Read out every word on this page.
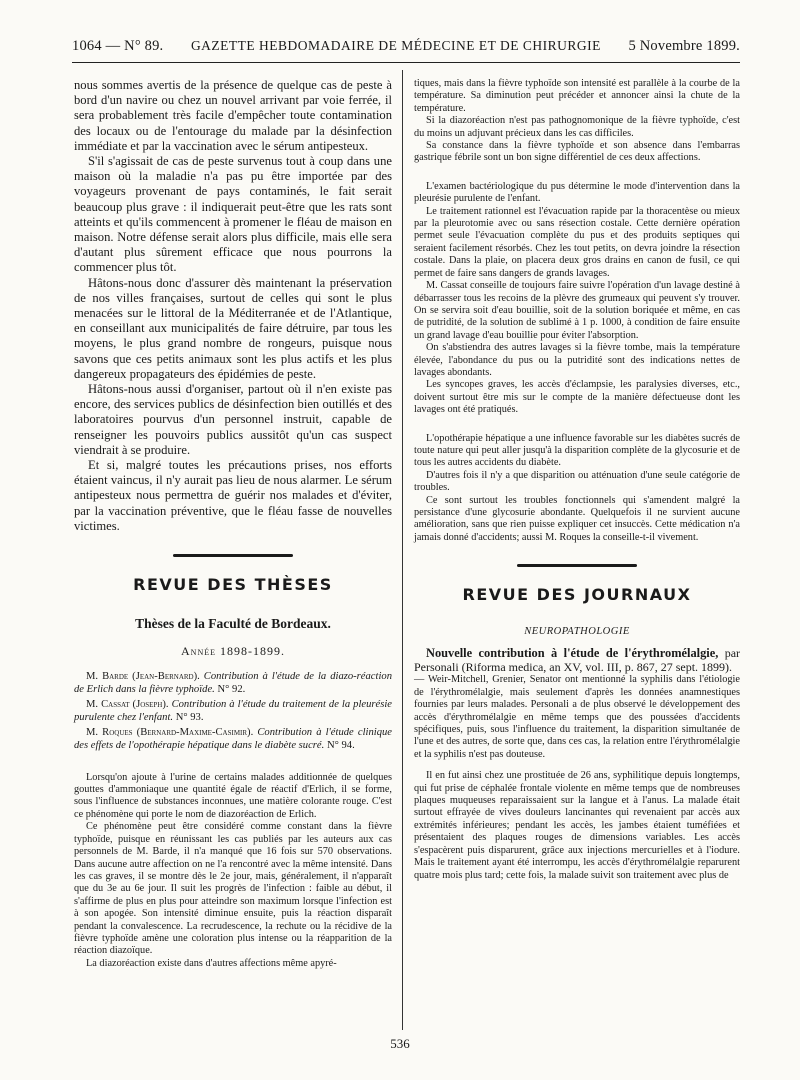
1064 — N° 89. GAZETTE HEBDOMADAIRE DE MÉDECINE ET DE CHIRURGIE 5 Novembre 1899.

nous sommes avertis de la présence de quelque cas de peste à bord d'un navire ou chez un nouvel arrivant par voie ferrée, il sera probablement très facile d'empêcher toute contamination des locaux ou de l'entourage du malade par la désinfection immédiate et par la vaccination avec le sérum antipesteux.

S'il s'agissait de cas de peste survenus tout à coup dans une maison où la maladie n'a pas pu être importée par des voyageurs provenant de pays contaminés, le fait serait beaucoup plus grave : il indiquerait peut-être que les rats sont atteints et qu'ils commencent à promener le fléau de maison en maison. Notre défense serait alors plus difficile, mais elle sera d'autant plus sûrement efficace que nous pourrons la commencer plus tôt.

Hâtons-nous donc d'assurer dès maintenant la préservation de nos villes françaises, surtout de celles qui sont le plus menacées sur le littoral de la Méditerranée et de l'Atlantique, en conseillant aux municipalités de faire détruire, par tous les moyens, le plus grand nombre de rongeurs, puisque nous savons que ces petits animaux sont les plus actifs et les plus dangereux propagateurs des épidémies de peste.

Hâtons-nous aussi d'organiser, partout où il n'en existe pas encore, des services publics de désinfection bien outillés et des laboratoires pourvus d'un personnel instruit, capable de renseigner les pouvoirs publics aussitôt qu'un cas suspect viendrait à se produire.

Et si, malgré toutes les précautions prises, nos efforts étaient vaincus, il n'y aurait pas lieu de nous alarmer. Le sérum antipesteux nous permettra de guérir nos malades et d'éviter, par la vaccination préventive, que le fléau fasse de nouvelles victimes.

REVUE DES THÈSES
Thèses de la Faculté de Bordeaux.
Année 1898-1899.

M. Barde (Jean-Bernard). Contribution à l'étude de la diazo-réaction de Erlich dans la fièvre typhoïde. N° 92.

M. Cassat (Joseph). Contribution à l'étude du traitement de la pleurésie purulente chez l'enfant. N° 93.

M. Roques (Bernard-Maxime-Casimir). Contribution à l'étude clinique des effets de l'opothérapie hépatique dans le diabète sucré. N° 94.

Lorsqu'on ajoute à l'urine de certains malades additionnée de quelques gouttes d'ammoniaque une quantité égale de réactif d'Erlich, il se forme, sous l'influence de substances inconnues, une matière colorante rouge. C'est ce phénomène qui porte le nom de diazoréaction de Erlich.

Ce phénomène peut être considéré comme constant dans la fièvre typhoïde, puisque en réunissant les cas publiés par les auteurs aux cas personnels de M. Barde, il n'a manqué que 16 fois sur 570 observations. Dans aucune autre affection on ne l'a rencontré avec la même intensité. Dans les cas graves, il se montre dès le 2e jour, mais, généralement, il n'apparaît que du 3e au 6e jour. Il suit les progrès de l'infection : faible au début, il s'affirme de plus en plus pour atteindre son maximum lorsque l'infection est à son apogée. Son intensité diminue ensuite, puis la réaction disparaît pendant la convalescence. La recrudescence, la rechute ou la récidive de la fièvre typhoïde amène une coloration plus intense ou la réapparition de la réaction diazoïque.

La diazoréaction existe dans d'autres affections même apyré-

tiques, mais dans la fièvre typhoïde son intensité est parallèle à la courbe de la température. Sa diminution peut précéder et annoncer ainsi la chute de la température.

Si la diazoréaction n'est pas pathognomonique de la fièvre typhoïde, c'est du moins un adjuvant précieux dans les cas difficiles.

Sa constance dans la fièvre typhoïde et son absence dans l'embarras gastrique fébrile sont un bon signe différentiel de ces deux affections.

L'examen bactériologique du pus détermine le mode d'intervention dans la pleurésie purulente de l'enfant.

Le traitement rationnel est l'évacuation rapide par la thoracentèse ou mieux par la pleurotomie avec ou sans résection costale. Cette dernière opération permet seule l'évacuation complète du pus et des produits septiques qui seraient facilement résorbés. Chez les tout petits, on devra joindre la résection costale. Dans la plaie, on placera deux gros drains en canon de fusil, ce qui permet de faire sans dangers de grands lavages.

M. Cassat conseille de toujours faire suivre l'opération d'un lavage destiné à débarrasser tous les recoins de la plèvre des grumeaux qui peuvent s'y trouver. On se servira soit d'eau bouillie, soit de la solution boriquée et même, en cas de putridité, de la solution de sublimé à 1 p. 1000, à condition de faire ensuite un grand lavage d'eau bouillie pour éviter l'absorption.

On s'abstiendra des autres lavages si la fièvre tombe, mais la température élevée, l'abondance du pus ou la putridité sont des indications nettes de lavages abondants.

Les syncopes graves, les accès d'éclampsie, les paralysies diverses, etc., doivent surtout être mis sur le compte de la manière défectueuse dont les lavages ont été pratiqués.

L'opothérapie hépatique a une influence favorable sur les diabètes sucrés de toute nature qui peut aller jusqu'à la disparition complète de la glycosurie et de tous les autres accidents du diabète.

D'autres fois il n'y a que disparition ou atténuation d'une seule catégorie de troubles.

Ce sont surtout les troubles fonctionnels qui s'amendent malgré la persistance d'une glycosurie abondante. Quelquefois il ne survient aucune amélioration, sans que rien puisse expliquer cet insuccès. Cette médication n'a jamais donné d'accidents; aussi M. Roques la conseille-t-il vivement.

REVUE DES JOURNAUX
NEUROPATHOLOGIE

Nouvelle contribution à l'étude de l'érythromélalgie, par Personali (Riforma medica, an XV, vol. III, p. 867, 27 sept. 1899).

— Weir-Mitchell, Grenier, Senator ont mentionné la syphilis dans l'étiologie de l'érythromélalgie, mais seulement d'après les données anamnestiques fournies par leurs malades. Personali a de plus observé le développement des accès d'érythromélalgie en même temps que des poussées d'accidents spécifiques, puis, sous l'influence du traitement, la disparition simultanée de l'une et des autres, de sorte que, dans ces cas, la relation entre l'érythromélalgie et la syphilis n'est pas douteuse.

Il en fut ainsi chez une prostituée de 26 ans, syphilitique depuis longtemps, qui fut prise de céphalée frontale violente en même temps que de nombreuses plaques muqueuses reparaissaient sur la langue et à l'anus. La malade était surtout effrayée de vives douleurs lancinantes qui revenaient par accès aux extrémités inférieures; pendant les accès, les jambes étaient tuméfiées et présentaient des plaques rouges de dimensions variables. Les accès s'espacèrent puis disparurent, grâce aux injections mercurielles et à l'iodure. Mais le traitement ayant été interrompu, les accès d'érythromélalgie reparurent quatre mois plus tard; cette fois, la malade suivit son traitement avec plus de

536
